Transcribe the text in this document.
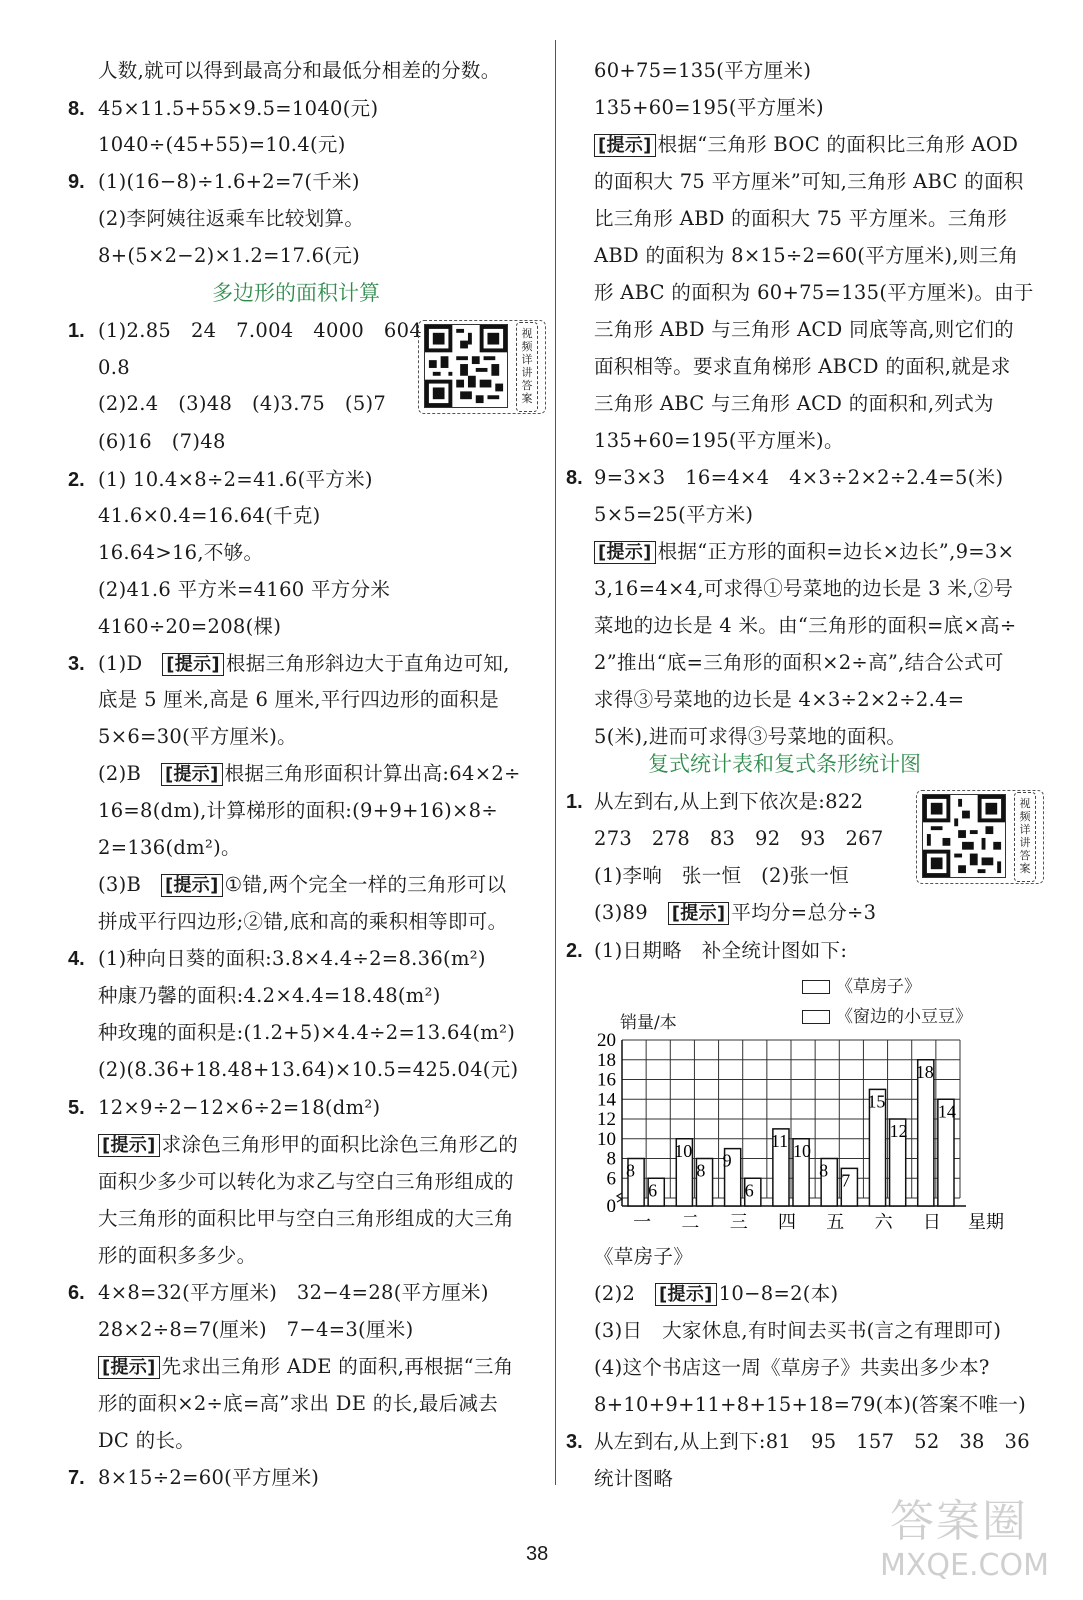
人数,就可以得到最高分和最低分相差的分数。
8. 45×11.5+55×9.5=1040(元)
1040÷(45+55)=10.4(元)
9. (1)(16−8)÷1.6+2=7(千米)
(2)李阿姨往返乘车比较划算。
8+(5×2−2)×1.2=17.6(元)
多边形的面积计算
1. (1)2.85　24　7.004　4000　604
0.8
(2)2.4　(3)48　(4)3.75　(5)7
(6)16　(7)48
视频详讲答案
2. (1) 10.4×8÷2=41.6(平方米)
41.6×0.4=16.64(千克)
16.64>16,不够。
(2)41.6 平方米=4160 平方分米
4160÷20=208(棵)
3. (1)D　[提示] 根据三角形斜边大于直角边可知,
底是 5 厘米,高是 6 厘米,平行四边形的面积是
5×6=30(平方厘米)。
(2)B　[提示] 根据三角形面积计算出高:64×2÷
16=8(dm),计算梯形的面积:(9+9+16)×8÷
2=136(dm²)。
(3)B　[提示] ①错,两个完全一样的三角形可以
拼成平行四边形;②错,底和高的乘积相等即可。
4. (1)种向日葵的面积:3.8×4.4÷2=8.36(m²)
种康乃馨的面积:4.2×4.4=18.48(m²)
种玫瑰的面积是:(1.2+5)×4.4÷2=13.64(m²)
(2)(8.36+18.48+13.64)×10.5=425.04(元)
5. 12×9÷2−12×6÷2=18(dm²)
[提示] 求涂色三角形甲的面积比涂色三角形乙的
面积少多少可以转化为求乙与空白三角形组成的
大三角形的面积比甲与空白三角形组成的大三角
形的面积多多少。
6. 4×8=32(平方厘米)　32−4=28(平方厘米)
28×2÷8=7(厘米)　7−4=3(厘米)
[提示] 先求出三角形 ADE 的面积,再根据“三角
形的面积×2÷底=高”求出 DE 的长,最后减去
DC 的长。
7. 8×15÷2=60(平方厘米)
60+75=135(平方厘米)
135+60=195(平方厘米)
[提示] 根据“三角形 BOC 的面积比三角形 AOD
的面积大 75 平方厘米”可知,三角形 ABC 的面积
比三角形 ABD 的面积大 75 平方厘米。三角形
ABD 的面积为 8×15÷2=60(平方厘米),则三角
形 ABC 的面积为 60+75=135(平方厘米)。由于
三角形 ABD 与三角形 ACD 同底等高,则它们的
面积相等。要求直角梯形 ABCD 的面积,就是求
三角形 ABC 与三角形 ACD 的面积和,列式为
135+60=195(平方厘米)。
8. 9=3×3　16=4×4　4×3÷2×2÷2.4=5(米)
5×5=25(平方米)
[提示] 根据“正方形的面积=边长×边长”,9=3×
3,16=4×4,可求得①号菜地的边长是 3 米,②号
菜地的边长是 4 米。由“三角形的面积=底×高÷
2”推出“底=三角形的面积×2÷高”,结合公式可
求得③号菜地的边长是 4×3÷2×2÷2.4=
5(米),进而可求得③号菜地的面积。
复式统计表和复式条形统计图
1. 从左到右,从上到下依次是:822
273　278　83　92　93　267
(1)李响　张一恒　(2)张一恒
(3)89　[提示] 平均分=总分÷3
视频详讲答案
2. (1)日期略　补全统计图如下:
《草房子》
《窗边的小豆豆》
销量/本
0
6
8
10
12
14
16
18
20
8
6
一
10
8
二
9
6
三
11 10
四
8 7
五
15
12
六
18
14
日 星期
《草房子》
(2)2　[提示] 10−8=2(本)
(3)日　大家休息,有时间去买书(言之有理即可)
(4)这个书店这一周《草房子》共卖出多少本?
8+10+9+11+8+15+18=79(本)(答案不唯一)
3. 从左到右,从上到下:81　95　157　52　38　36
统计图略
38
答案圈
MXQE.COM
